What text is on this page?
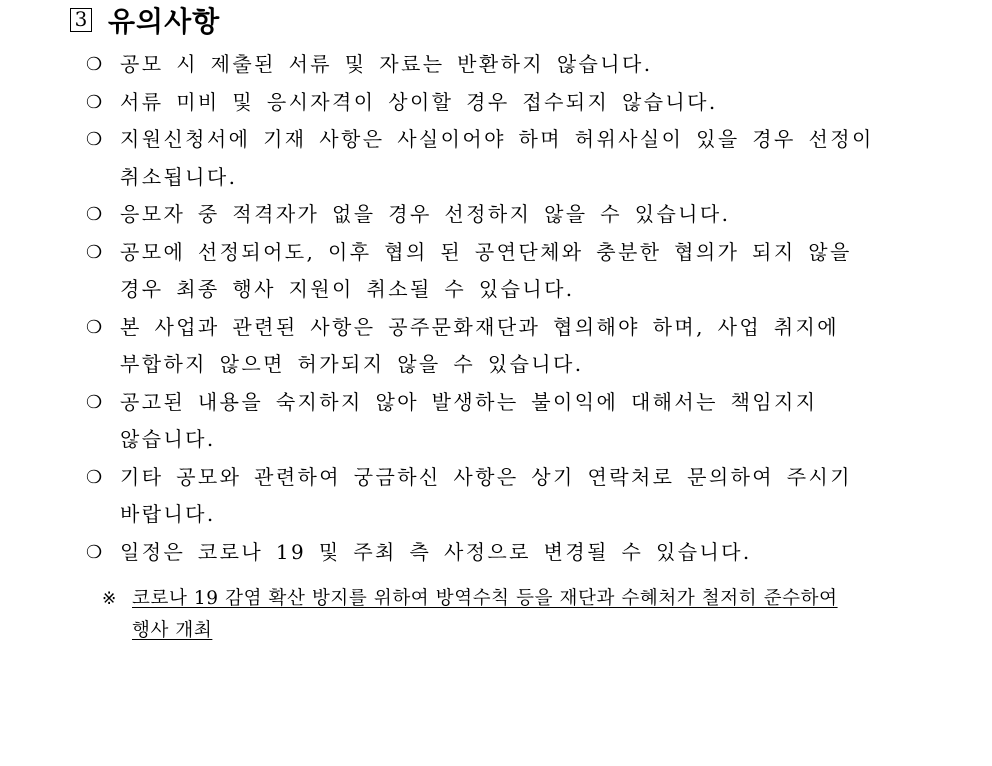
3 유의사항
❍ 공모 시 제출된 서류 및 자료는 반환하지 않습니다.
❍ 서류 미비 및 응시자격이 상이할 경우 접수되지 않습니다.
❍ 지원신청서에 기재 사항은 사실이어야 하며 허위사실이 있을 경우 선정이
취소됩니다.
❍ 응모자 중 적격자가 없을 경우 선정하지 않을 수 있습니다.
❍ 공모에 선정되어도, 이후 협의 된 공연단체와 충분한 협의가 되지 않을
경우 최종 행사 지원이 취소될 수 있습니다.
❍ 본 사업과 관련된 사항은 공주문화재단과 협의해야 하며, 사업 취지에
부합하지 않으면 허가되지 않을 수 있습니다.
❍ 공고된 내용을 숙지하지 않아 발생하는 불이익에 대해서는 책임지지
않습니다.
❍ 기타 공모와 관련하여 궁금하신 사항은 상기 연락처로 문의하여 주시기
바랍니다.
❍ 일정은 코로나 19 및 주최 측 사정으로 변경될 수 있습니다.
※ 코로나 19 감염 확산 방지를 위하여 방역수칙 등을 재단과 수혜처가 철저히 준수하여
행사 개최
